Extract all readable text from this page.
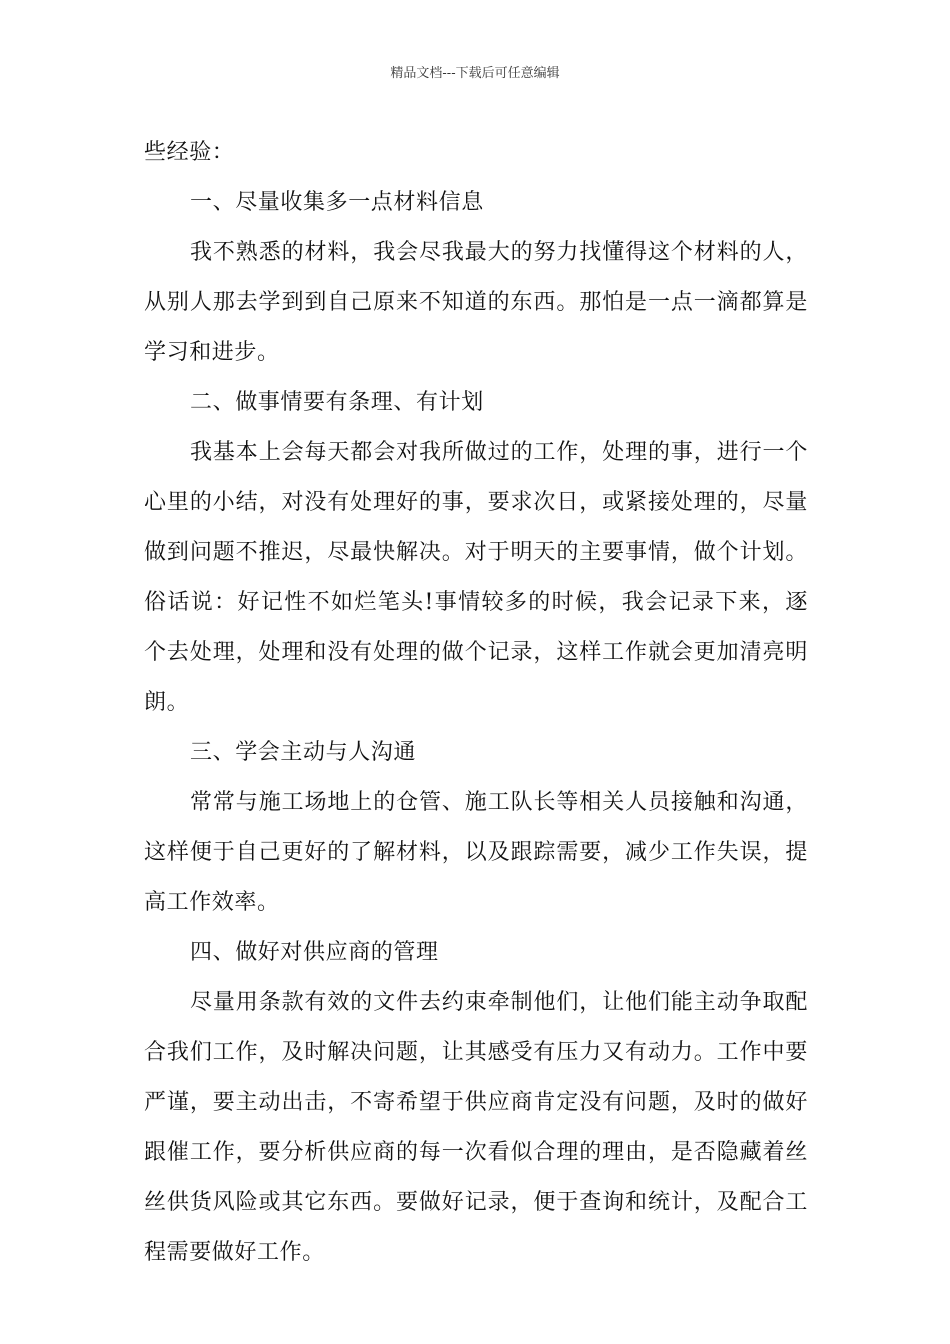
精品文档---下载后可任意编辑

些经验：

一、尽量收集多一点材料信息

我不熟悉的材料，我会尽我最大的努力找懂得这个材料的人，从别人那去学到到自己原来不知道的东西。那怕是一点一滴都算是学习和进步。

二、做事情要有条理、有计划

我基本上会每天都会对我所做过的工作，处理的事，进行一个心里的小结，对没有处理好的事，要求次日，或紧接处理的，尽量做到问题不推迟，尽最快解决。对于明天的主要事情，做个计划。俗话说：好记性不如烂笔头!事情较多的时候，我会记录下来，逐个去处理，处理和没有处理的做个记录，这样工作就会更加清亮明朗。

三、学会主动与人沟通

常常与施工场地上的仓管、施工队长等相关人员接触和沟通，这样便于自己更好的了解材料，以及跟踪需要，减少工作失误，提高工作效率。

四、做好对供应商的管理

尽量用条款有效的文件去约束牵制他们，让他们能主动争取配合我们工作，及时解决问题，让其感受有压力又有动力。工作中要严谨，要主动出击，不寄希望于供应商肯定没有问题，及时的做好跟催工作，要分析供应商的每一次看似合理的理由，是否隐藏着丝丝供货风险或其它东西。要做好记录，便于查询和统计，及配合工程需要做好工作。
